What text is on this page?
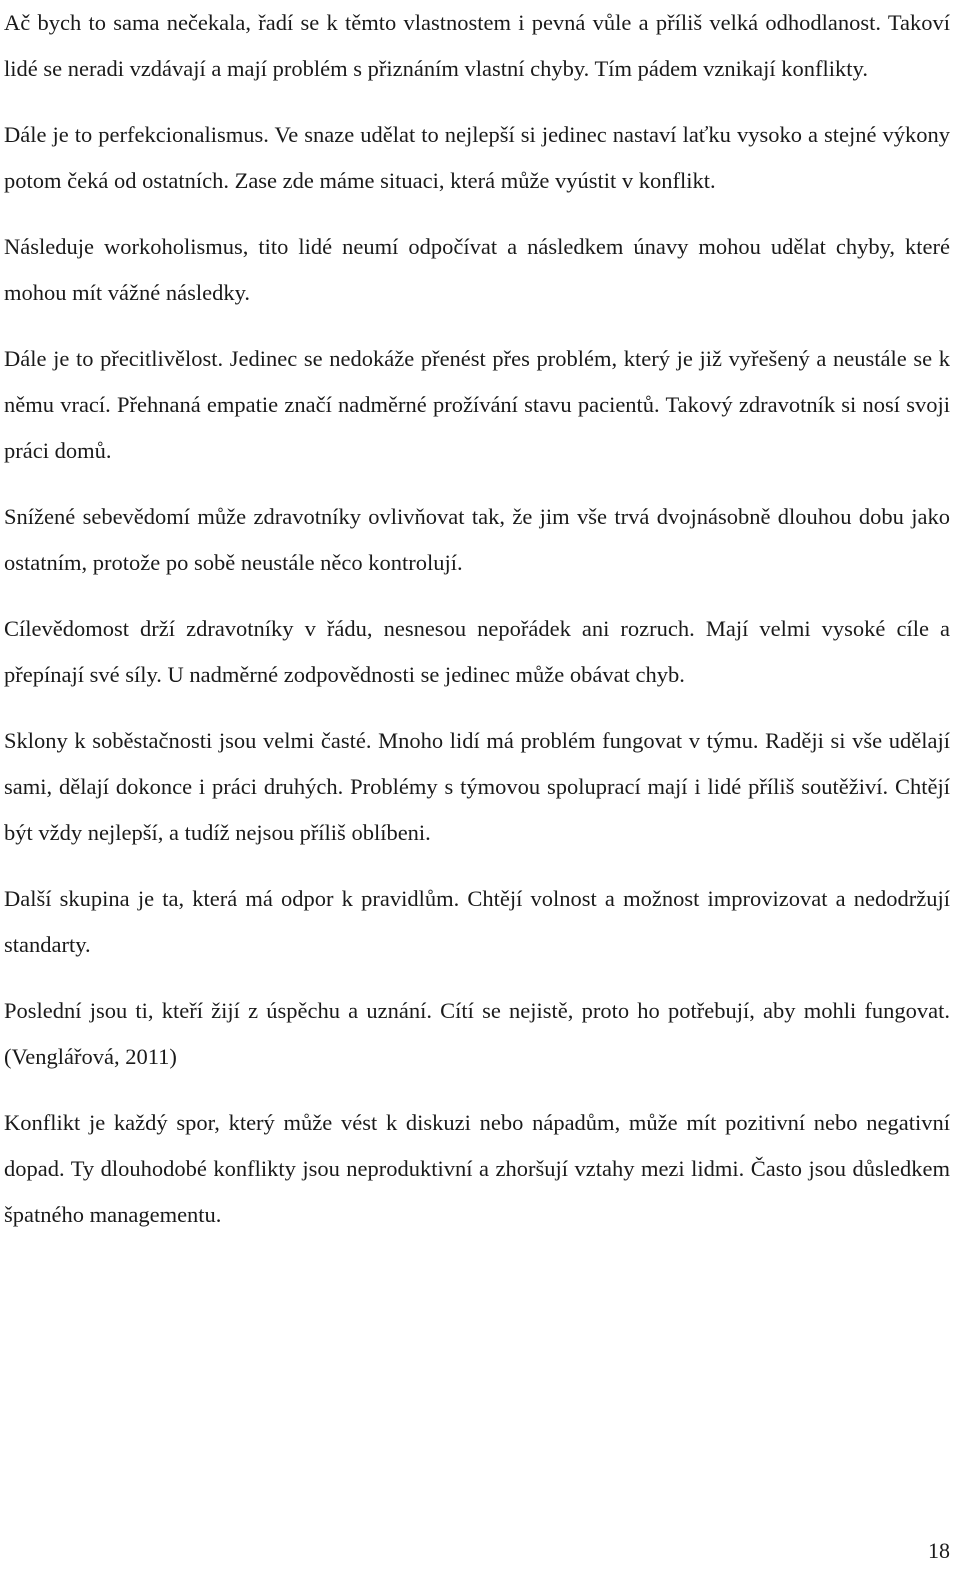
Ač bych to sama nečekala, řadí se k těmto vlastnostem i pevná vůle a příliš velká odhodlanost. Takoví lidé se neradi vzdávají a mají problém s přiznáním vlastní chyby. Tím pádem vznikají konflikty.

Dále je to perfekcionalismus. Ve snaze udělat to nejlepší si jedinec nastaví laťku vysoko a stejné výkony potom čeká od ostatních. Zase zde máme situaci, která může vyústit v konflikt.

Následuje workoholismus, tito lidé neumí odpočívat a následkem únavy mohou udělat chyby, které mohou mít vážné následky.

Dále je to přecitlivělost. Jedinec se nedokáže přenést přes problém, který je již vyřešený a neustále se k němu vrací. Přehnaná empatie značí nadměrné prožívání stavu pacientů. Takový zdravotník si nosí svoji práci domů.

Snížené sebevědomí může zdravotníky ovlivňovat tak, že jim vše trvá dvojnásobně dlouhou dobu jako ostatním, protože po sobě neustále něco kontrolují.

Cílevědomost drží zdravotníky v řádu, nesnesou nepořádek ani rozruch. Mají velmi vysoké cíle a přepínají své síly. U nadměrné zodpovědnosti se jedinec může obávat chyb.

Sklony k soběstačnosti jsou velmi časté. Mnoho lidí má problém fungovat v týmu. Raději si vše udělají sami, dělají dokonce i práci druhých. Problémy s týmovou spoluprací mají i lidé příliš soutěživí. Chtějí být vždy nejlepší, a tudíž nejsou příliš oblíbeni.

Další skupina je ta, která má odpor k pravidlům. Chtějí volnost a možnost improvizovat a nedodržují standarty.

Poslední jsou ti, kteří žijí z úspěchu a uznání. Cítí se nejistě, proto ho potřebují, aby mohli fungovat. (Venglářová, 2011)

Konflikt je každý spor, který může vést k diskuzi nebo nápadům, může mít pozitivní nebo negativní dopad. Ty dlouhodobé konflikty jsou neproduktivní a zhoršují vztahy mezi lidmi. Často jsou důsledkem špatného managementu.

18
